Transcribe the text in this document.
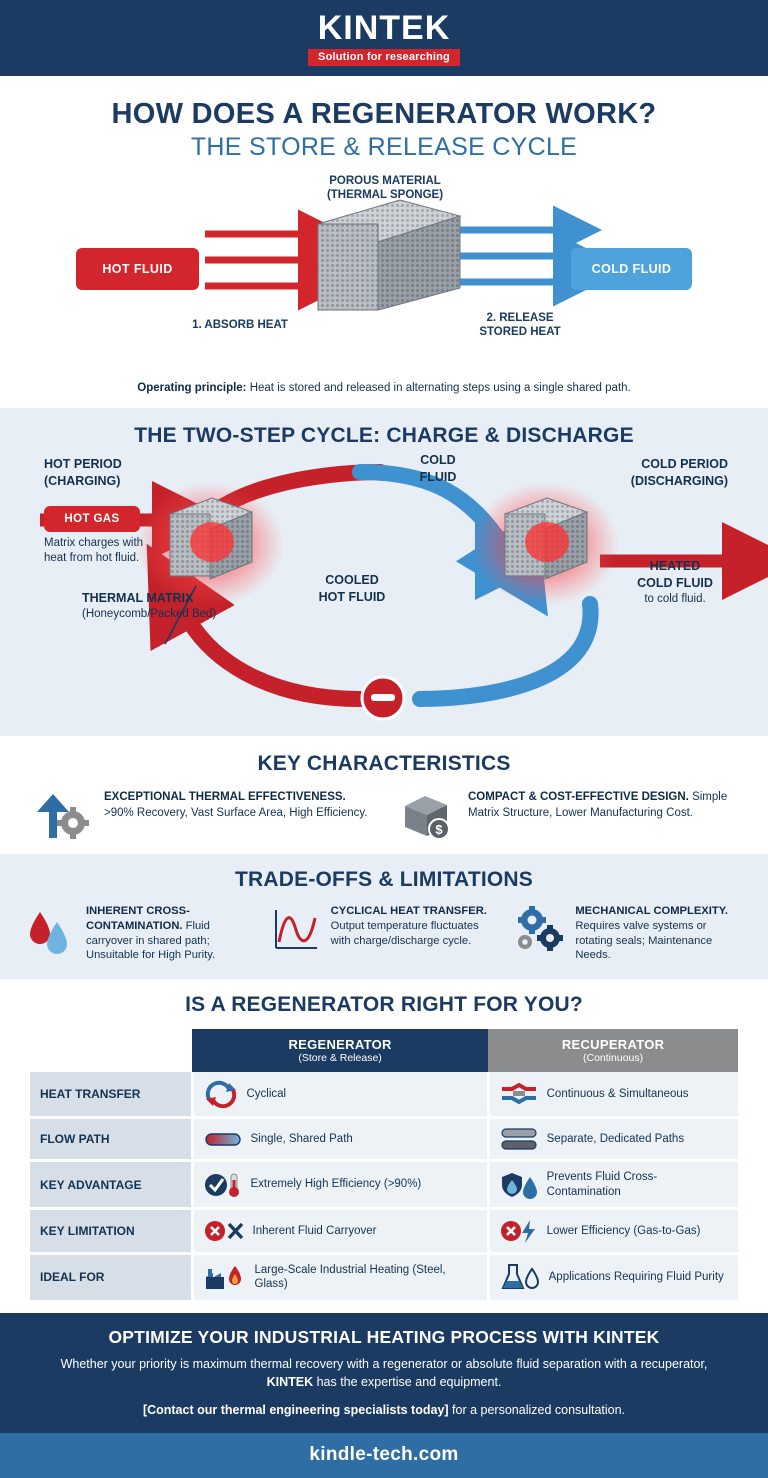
KINTEK
Solution for researching
HOW DOES A REGENERATOR WORK?
THE STORE & RELEASE CYCLE
POROUS MATERIAL
(THERMAL SPONGE)
HOT FLUID	COLD FLUID
1. ABSORB HEAT
2. RELEASE
STORED HEAT
Operating principle: Heat is stored and released in alternating steps using a single shared path.
THE TWO-STEP CYCLE: CHARGE & DISCHARGE
HOT PERIOD
(CHARGING)
HOT GAS
Matrix charges with heat from hot fluid.
THERMAL MATRIX
(Honeycomb/Packed Bed)
COOLED
HOT FLUID
COLD
FLUID
COLD PERIOD
(DISCHARGING)
HEATED
COLD FLUID
to cold fluid.
KEY CHARACTERISTICS
EXCEPTIONAL THERMAL EFFECTIVENESS. >90% Recovery, Vast Surface Area, High Efficiency.
$
COMPACT & COST-EFFECTIVE DESIGN. Simple Matrix Structure, Lower Manufacturing Cost.
TRADE-OFFS & LIMITATIONS
INHERENT CROSS-CONTAMINATION. Fluid carryover in shared path; Unsuitable for High Purity.
CYCLICAL HEAT TRANSFER. Output temperature fluctuates with charge/discharge cycle.
MECHANICAL COMPLEXITY. Requires valve systems or rotating seals; Maintenance Needs.
IS A REGENERATOR RIGHT FOR YOU?

REGENERATOR
(Store & Release)

RECUPERATOR
(Continuous)

HEAT TRANSFER	Cyclical	Continuous & Simultaneous

FLOW PATH	Single, Shared Path	Separate, Dedicated Paths

KEY ADVANTAGE	Extremely High Efficiency (>90%)	Prevents Fluid Cross-Contamination

KEY LIMITATION	Inherent Fluid Carryover	Lower Efficiency (Gas-to-Gas)

IDEAL FOR	Large-Scale Industrial Heating (Steel, Glass)	Applications Requiring Fluid Purity
OPTIMIZE YOUR INDUSTRIAL HEATING PROCESS WITH KINTEK
Whether your priority is maximum thermal recovery with a regenerator or absolute fluid separation with a recuperator, KINTEK has the expertise and equipment.
[Contact our thermal engineering specialists today] for a personalized consultation.
kindle-tech.com
